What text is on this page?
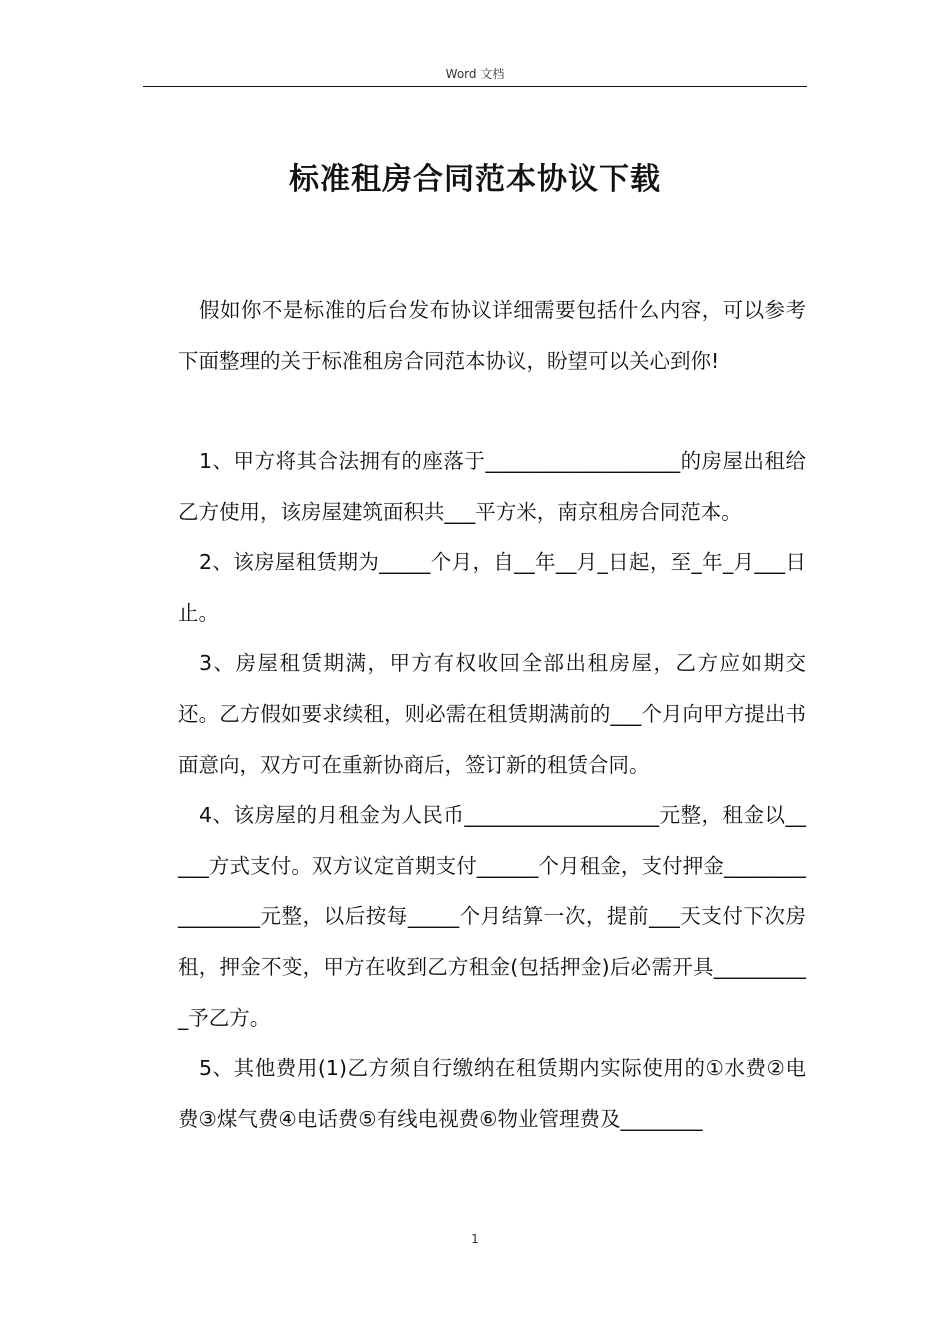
Word 文档
标准租房合同范本协议下载

假如你不是标准的后台发布协议详细需要包括什么内容，可以参考下面整理的关于标准租房合同范本协议，盼望可以关心到你!

1、甲方将其合法拥有的座落于___________________的房屋出租给乙方使用，该房屋建筑面积共___平方米，南京租房合同范本。

2、该房屋租赁期为_____个月，自__年__月_日起，至_年_月___日止。

3、房屋租赁期满，甲方有权收回全部出租房屋，乙方应如期交还。乙方假如要求续租，则必需在租赁期满前的___个月向甲方提出书面意向，双方可在重新协商后，签订新的租赁合同。

4、该房屋的月租金为人民币___________________元整，租金以_____方式支付。双方议定首期支付______个月租金，支付押金________________元整，以后按每_____个月结算一次，提前___天支付下次房租，押金不变，甲方在收到乙方租金(包括押金)后必需开具__________予乙方。

5、其他费用(1)乙方须自行缴纳在租赁期内实际使用的①水费②电费③煤气费④电话费⑤有线电视费⑥物业管理费及________

1
